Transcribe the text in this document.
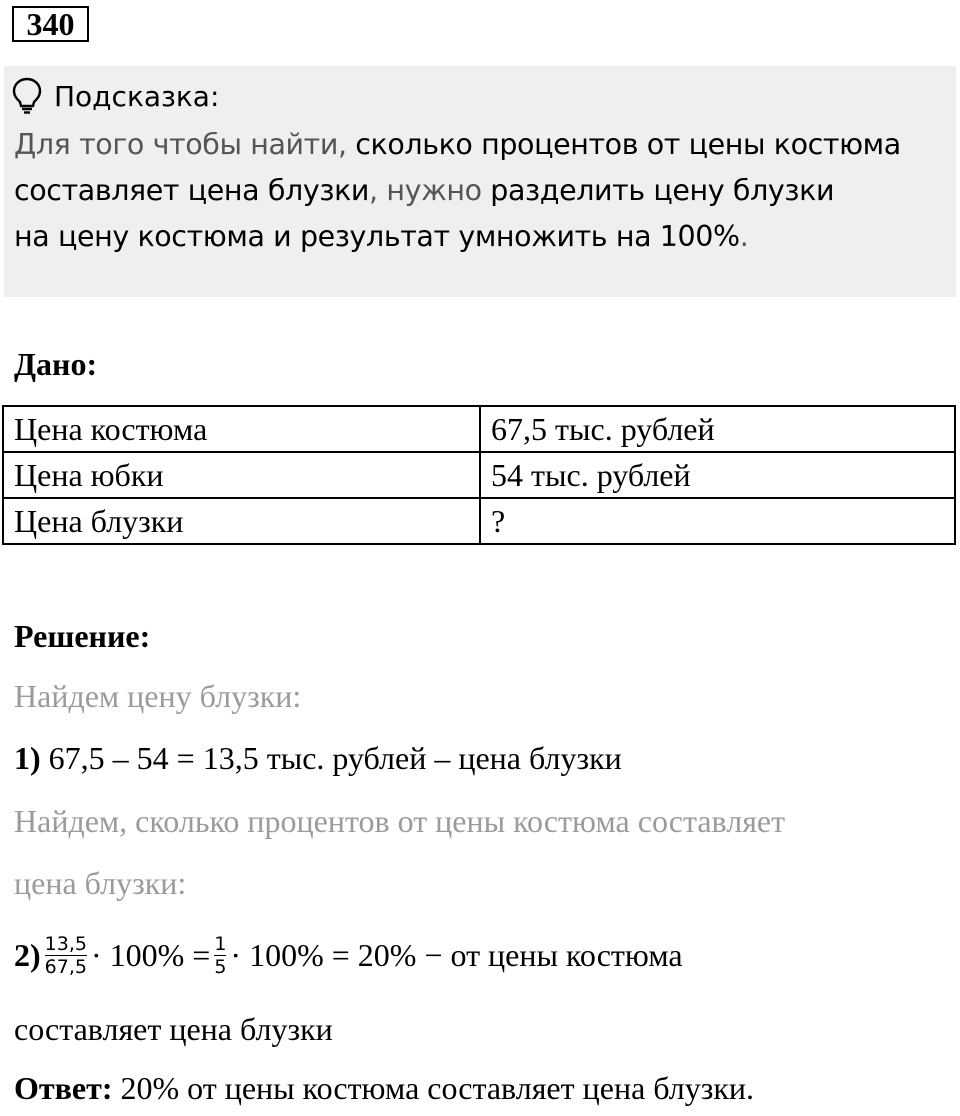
340
Подсказка:
Для того чтобы найти, сколько процентов от цены костюма
составляет цена блузки, нужно разделить цену блузки
на цену костюма и результат умножить на 100%.
Дано:
Цена костюма	67,5 тыс. рублей
Цена юбки	54 тыс. рублей
Цена блузки	?
Решение:
Найдем цену блузки:
1) 67,5 – 54 = 13,5 тыс. рублей – цена блузки
Найдем, сколько процентов от цены костюма составляет
цена блузки:
$2) \frac{13,5}{67,5} \cdot 100\% = \frac{1}{5} \cdot 100\% = 20\%$ − от цены костюма
составляет цена блузки
Ответ: 20% от цены костюма составляет цена блузки.
